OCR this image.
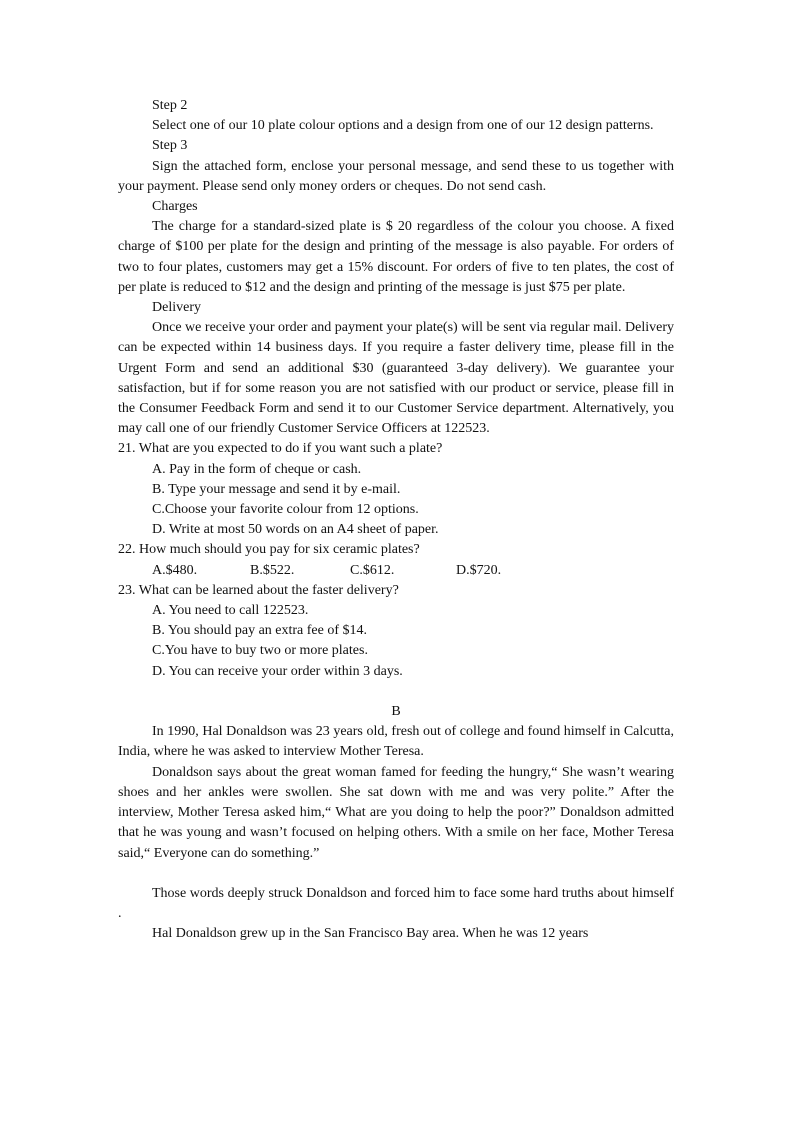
Step 2

Select one of our 10 plate colour options and a design from one of our 12 design patterns.

Step 3

Sign the attached form, enclose your personal message, and send these to us together with your payment. Please send only money orders or cheques. Do not send cash.

Charges

The charge for a standard-sized plate is $ 20 regardless of the colour you choose. A fixed charge of $100 per plate for the design and printing of the message is also payable. For orders of two to four plates, customers may get a 15% discount. For orders of five to ten plates, the cost of per plate is reduced to $12 and the design and printing of the message is just $75 per plate.

Delivery

Once we receive your order and payment your plate(s) will be sent via regular mail. Delivery can be expected within 14 business days. If you require a faster delivery time, please fill in the Urgent Form and send an additional $30 (guaranteed 3-day delivery). We guarantee your satisfaction, but if for some reason you are not satisfied with our product or service, please fill in the Consumer Feedback Form and send it to our Customer Service department. Alternatively, you may call one of our friendly Customer Service Officers at 122523.

21. What are you expected to do if you want such a plate?

A. Pay in the form of cheque or cash.

B. Type your message and send it by e-mail.

C.Choose your favorite colour from 12 options.

D. Write at most 50 words on an A4 sheet of paper.

22. How much should you pay for six ceramic plates?

A.$480.	B.$522.	C.$612.	D.$720.

23. What can be learned about the faster delivery?

A. You need to call 122523.

B. You should pay an extra fee of $14.

C.You have to buy two or more plates.

D. You can receive your order within 3 days.

B

In 1990, Hal Donaldson was 23 years old, fresh out of college and found himself in Calcutta, India, where he was asked to interview Mother Teresa.

Donaldson says about the great woman famed for feeding the hungry,“ She wasn’t wearing shoes and her ankles were swollen. She sat down with me and was very polite.” After the interview, Mother Teresa asked him,“ What are you doing to help the poor?” Donaldson admitted that he was young and wasn’t focused on helping others. With a smile on her face, Mother Teresa said,“ Everyone can do something.”

Those words deeply struck Donaldson and forced him to face some hard truths about himself .

Hal Donaldson grew up in the San Francisco Bay area. When he was 12 years
